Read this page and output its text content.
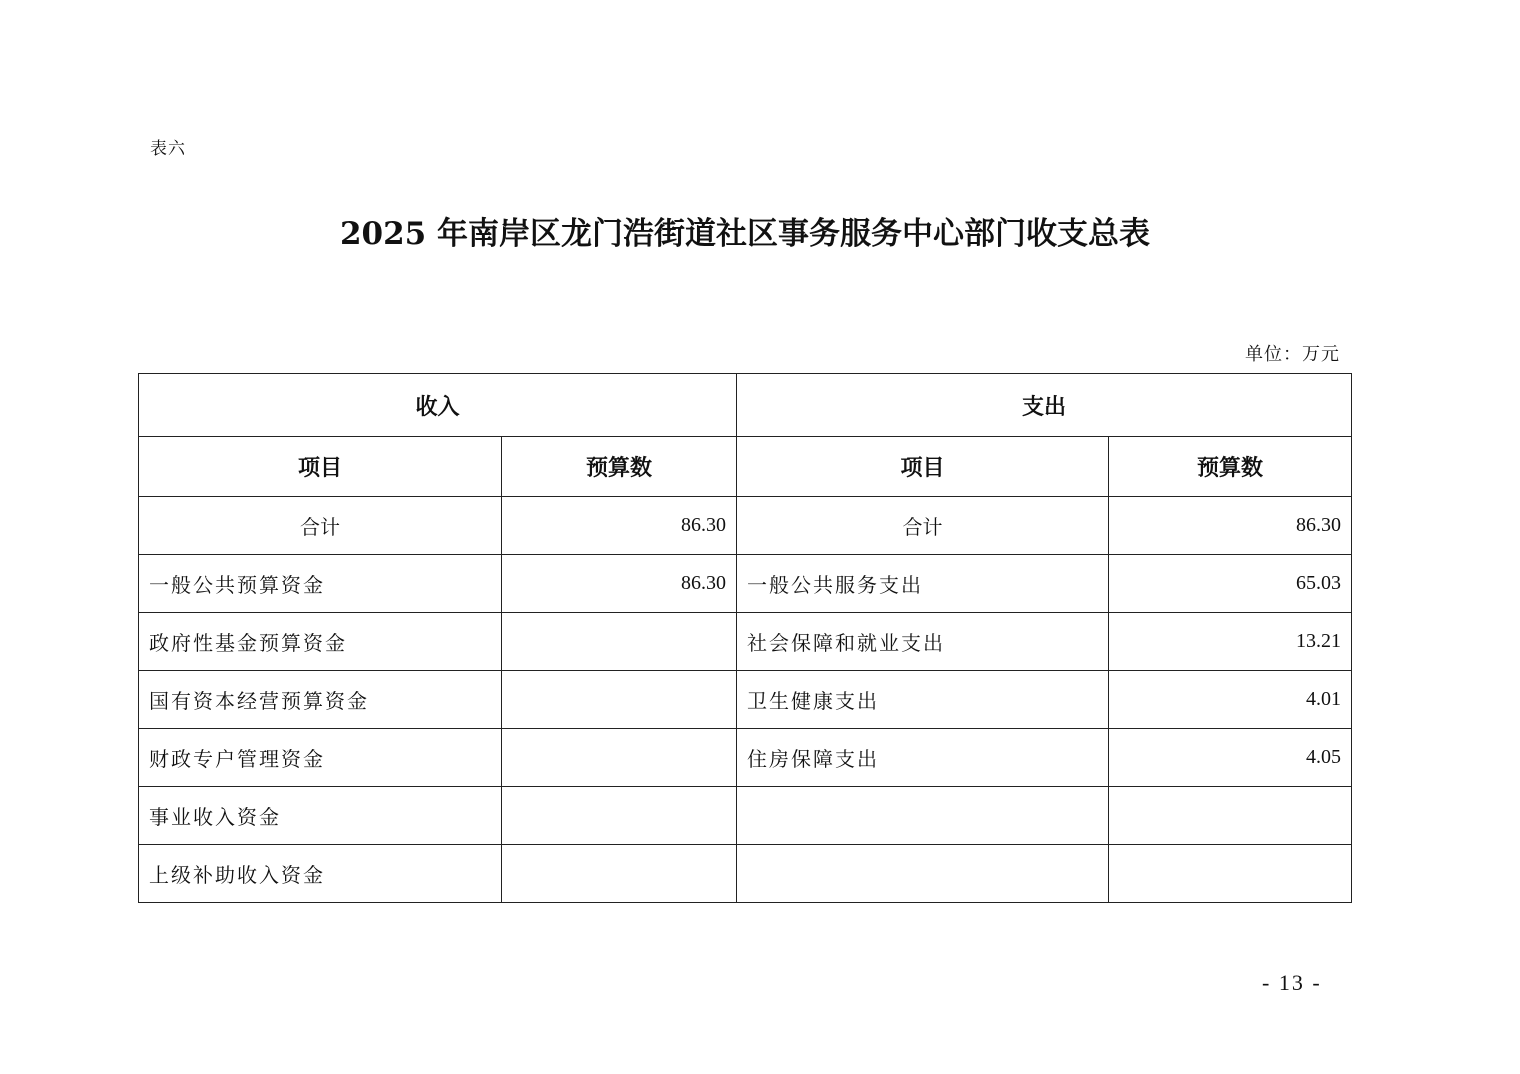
表六
2025 年南岸区龙门浩街道社区事务服务中心部门收支总表
单位：万元
收入		支出	
项目	预算数	项目	预算数
合计	86.30	合计	86.30
一般公共预算资金	86.30	一般公共服务支出	65.03
政府性基金预算资金		社会保障和就业支出	13.21
国有资本经营预算资金		卫生健康支出	4.01
财政专户管理资金		住房保障支出	4.05
事业收入资金			
上级补助收入资金			
- 13 -
